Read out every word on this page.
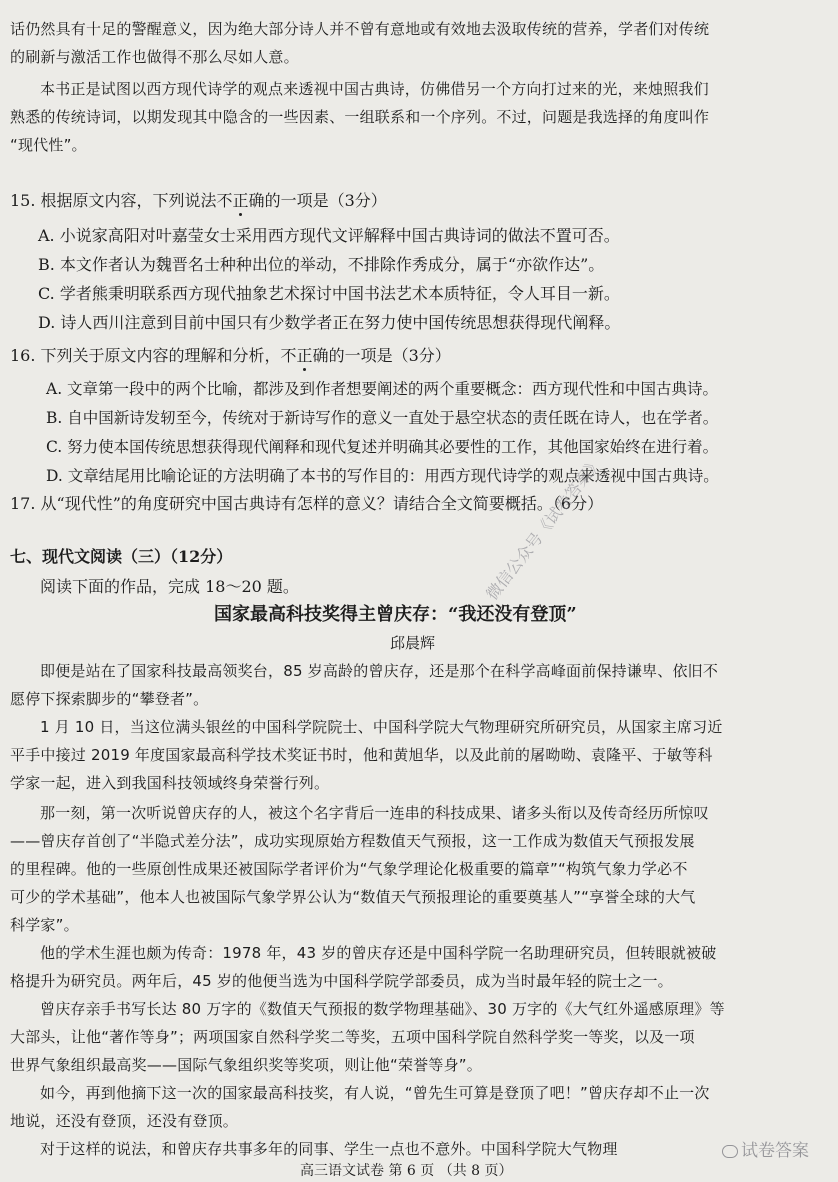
话仍然具有十足的警醒意义，因为绝大部分诗人并不曾有意地或有效地去汲取传统的营养，学者们对传统
的刷新与激活工作也做得不那么尽如人意。
本书正是试图以西方现代诗学的观点来透视中国古典诗，仿佛借另一个方向打过来的光，来烛照我们
熟悉的传统诗词，以期发现其中隐含的一些因素、一组联系和一个序列。不过，问题是我选择的角度叫作
“现代性”。
15. 根据原文内容，下列说法不正确的一项是（3分）
A. 小说家高阳对叶嘉莹女士采用西方现代文评解释中国古典诗词的做法不置可否。
B. 本文作者认为魏晋名士种种出位的举动，不排除作秀成分，属于“亦欲作达”。
C. 学者熊秉明联系西方现代抽象艺术探讨中国书法艺术本质特征，令人耳目一新。
D. 诗人西川注意到目前中国只有少数学者正在努力使中国传统思想获得现代阐释。
16. 下列关于原文内容的理解和分析，不正确的一项是（3分）
A. 文章第一段中的两个比喻，都涉及到作者想要阐述的两个重要概念：西方现代性和中国古典诗。
B. 自中国新诗发轫至今，传统对于新诗写作的意义一直处于悬空状态的责任既在诗人，也在学者。
C. 努力使本国传统思想获得现代阐释和现代复述并明确其必要性的工作，其他国家始终在进行着。
D. 文章结尾用比喻论证的方法明确了本书的写作目的：用西方现代诗学的观点来透视中国古典诗。
17. 从“现代性”的角度研究中国古典诗有怎样的意义？请结合全文简要概括。（6分）
七、现代文阅读（三）（12分）
阅读下面的作品，完成 18～20 题。
国家最高科技奖得主曾庆存：“我还没有登顶”
邱晨辉
即便是站在了国家科技最高领奖台，85 岁高龄的曾庆存，还是那个在科学高峰面前保持谦卑、依旧不
愿停下探索脚步的“攀登者”。
1 月 10 日，当这位满头银丝的中国科学院院士、中国科学院大气物理研究所研究员，从国家主席习近
平手中接过 2019 年度国家最高科学技术奖证书时，他和黄旭华，以及此前的屠呦呦、袁隆平、于敏等科
学家一起，进入到我国科技领域终身荣誉行列。
那一刻，第一次听说曾庆存的人，被这个名字背后一连串的科技成果、诸多头衔以及传奇经历所惊叹
——曾庆存首创了“半隐式差分法”，成功实现原始方程数值天气预报，这一工作成为数值天气预报发展
的里程碑。他的一些原创性成果还被国际学者评价为“气象学理论化极重要的篇章”“构筑气象力学必不
可少的学术基础”，他本人也被国际气象学界公认为“数值天气预报理论的重要奠基人”“享誉全球的大气
科学家”。
他的学术生涯也颇为传奇：1978 年，43 岁的曾庆存还是中国科学院一名助理研究员，但转眼就被破
格提升为研究员。两年后，45 岁的他便当选为中国科学院学部委员，成为当时最年轻的院士之一。
曾庆存亲手书写长达 80 万字的《数值天气预报的数学物理基础》、30 万字的《大气红外遥感原理》等
大部头，让他“著作等身”；两项国家自然科学奖二等奖，五项中国科学院自然科学奖一等奖，以及一项
世界气象组织最高奖——国际气象组织奖等奖项，则让他“荣誉等身”。
如今，再到他摘下这一次的国家最高科技奖，有人说，“曾先生可算是登顶了吧！”曾庆存却不止一次
地说，还没有登顶，还没有登顶。
对于这样的说法，和曾庆存共事多年的同事、学生一点也不意外。中国科学院大气物理
高三语文试卷 第 6 页 （共 8 页）
微信公众号《试卷答案》
试卷答案
